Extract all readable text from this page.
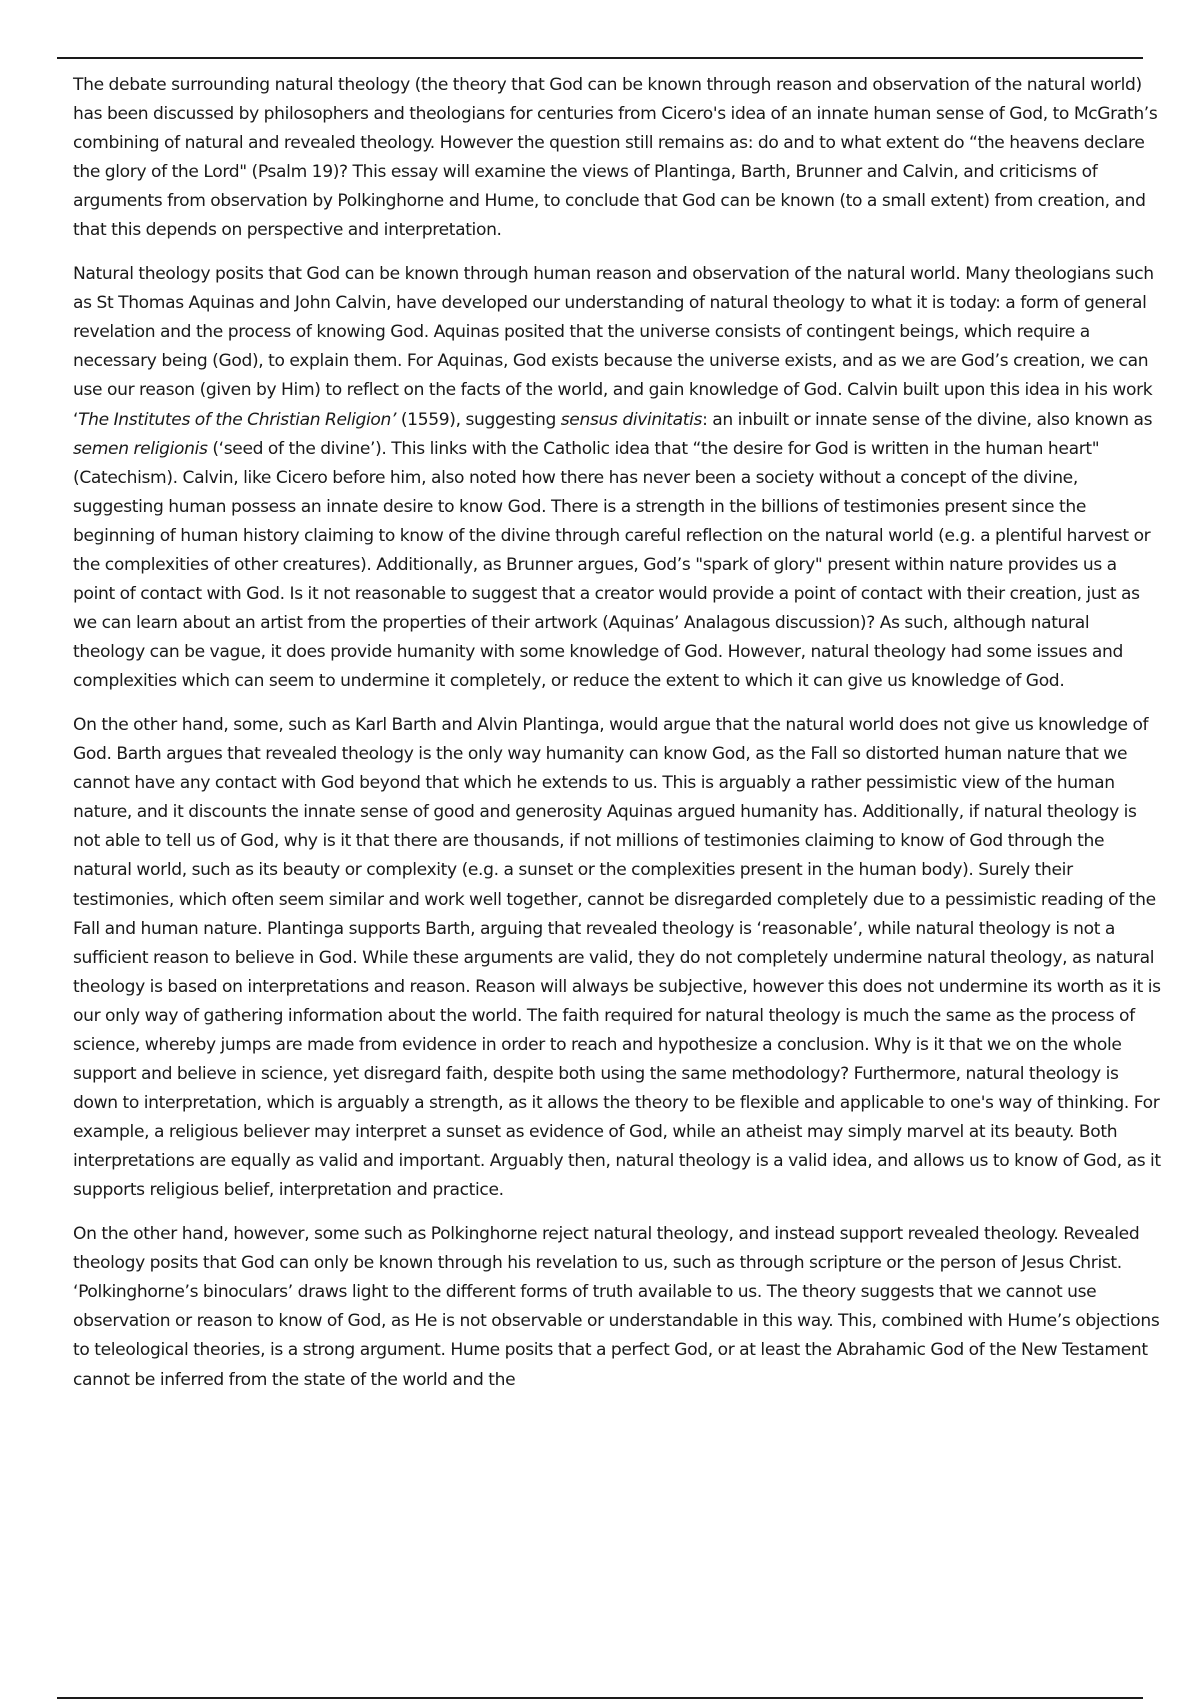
The debate surrounding natural theology (the theory that God can be known through reason and observation of the natural world) has been discussed by philosophers and theologians for centuries from Cicero's idea of an innate human sense of God, to McGrath’s combining of natural and revealed theology. However the question still remains as: do and to what extent do “the heavens declare the glory of the Lord" (Psalm 19)? This essay will examine the views of Plantinga, Barth, Brunner and Calvin, and criticisms of arguments from observation by Polkinghorne and Hume, to conclude that God can be known (to a small extent) from creation, and that this depends on perspective and interpretation.

Natural theology posits that God can be known through human reason and observation of the natural world. Many theologians such as St Thomas Aquinas and John Calvin, have developed our understanding of natural theology to what it is today: a form of general revelation and the process of knowing God. Aquinas posited that the universe consists of contingent beings, which require a necessary being (God), to explain them. For Aquinas, God exists because the universe exists, and as we are God’s creation, we can use our reason (given by Him) to reflect on the facts of the world, and gain knowledge of God. Calvin built upon this idea in his work ‘The Institutes of the Christian Religion’ (1559), suggesting sensus divinitatis: an inbuilt or innate sense of the divine, also known as semen religionis (‘seed of the divine’). This links with the Catholic idea that “the desire for God is written in the human heart" (Catechism). Calvin, like Cicero before him, also noted how there has never been a society without a concept of the divine, suggesting human possess an innate desire to know God. There is a strength in the billions of testimonies present since the beginning of human history claiming to know of the divine through careful reflection on the natural world (e.g. a plentiful harvest or the complexities of other creatures). Additionally, as Brunner argues, God’s "spark of glory" present within nature provides us a point of contact with God. Is it not reasonable to suggest that a creator would provide a point of contact with their creation, just as we can learn about an artist from the properties of their artwork (Aquinas’ Analagous discussion)? As such, although natural theology can be vague, it does provide humanity with some knowledge of God. However, natural theology had some issues and complexities which can seem to undermine it completely, or reduce the extent to which it can give us knowledge of God.

On the other hand, some, such as Karl Barth and Alvin Plantinga, would argue that the natural world does not give us knowledge of God. Barth argues that revealed theology is the only way humanity can know God, as the Fall so distorted human nature that we cannot have any contact with God beyond that which he extends to us. This is arguably a rather pessimistic view of the human nature, and it discounts the innate sense of good and generosity Aquinas argued humanity has. Additionally, if natural theology is not able to tell us of God, why is it that there are thousands, if not millions of testimonies claiming to know of God through the natural world, such as its beauty or complexity (e.g. a sunset or the complexities present in the human body). Surely their testimonies, which often seem similar and work well together, cannot be disregarded completely due to a pessimistic reading of the Fall and human nature. Plantinga supports Barth, arguing that revealed theology is ‘reasonable’, while natural theology is not a sufficient reason to believe in God. While these arguments are valid, they do not completely undermine natural theology, as natural theology is based on interpretations and reason. Reason will always be subjective, however this does not undermine its worth as it is our only way of gathering information about the world. The faith required for natural theology is much the same as the process of science, whereby jumps are made from evidence in order to reach and hypothesize a conclusion. Why is it that we on the whole support and believe in science, yet disregard faith, despite both using the same methodology? Furthermore, natural theology is down to interpretation, which is arguably a strength, as it allows the theory to be flexible and applicable to one's way of thinking. For example, a religious believer may interpret a sunset as evidence of God, while an atheist may simply marvel at its beauty. Both interpretations are equally as valid and important. Arguably then, natural theology is a valid idea, and allows us to know of God, as it supports religious belief, interpretation and practice.

On the other hand, however, some such as Polkinghorne reject natural theology, and instead support revealed theology. Revealed theology posits that God can only be known through his revelation to us, such as through scripture or the person of Jesus Christ. ‘Polkinghorne’s binoculars’ draws light to the different forms of truth available to us. The theory suggests that we cannot use observation or reason to know of God, as He is not observable or understandable in this way. This, combined with Hume’s objections to teleological theories, is a strong argument. Hume posits that a perfect God, or at least the Abrahamic God of the New Testament cannot be inferred from the state of the world and the
